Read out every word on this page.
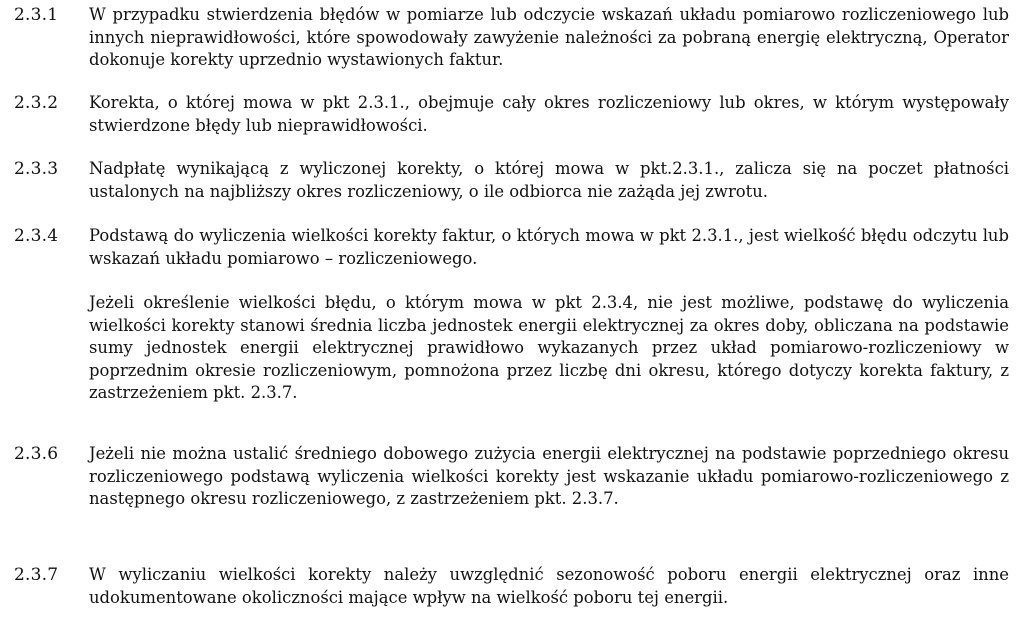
2.3.1	W przypadku stwierdzenia błędów w pomiarze lub odczycie wskazań układu pomiarowo rozliczeniowego lub innych nieprawidłowości, które spowodowały zawyżenie należności za pobraną energię elektryczną, Operator dokonuje korekty uprzednio wystawionych faktur.

2.3.2	Korekta, o której mowa w pkt 2.3.1., obejmuje cały okres rozliczeniowy lub okres, w którym występowały stwierdzone błędy lub nieprawidłowości.

2.3.3	Nadpłatę wynikającą z wyliczonej korekty, o której mowa w pkt.2.3.1., zalicza się na poczet płatności ustalonych na najbliższy okres rozliczeniowy, o ile odbiorca nie zażąda jej zwrotu.

2.3.4	Podstawą do wyliczenia wielkości korekty faktur, o których mowa w pkt 2.3.1., jest wielkość błędu odczytu lub wskazań układu pomiarowo – rozliczeniowego.

Jeżeli określenie wielkości błędu, o którym mowa w pkt 2.3.4, nie jest możliwe, podstawę do wyliczenia wielkości korekty stanowi średnia liczba jednostek energii elektrycznej za okres doby, obliczana na podstawie sumy jednostek energii elektrycznej prawidłowo wykazanych przez układ pomiarowo-rozliczeniowy w poprzednim okresie rozliczeniowym, pomnożona przez liczbę dni okresu, którego dotyczy korekta faktury, z zastrzeżeniem pkt. 2.3.7.

2.3.6	Jeżeli nie można ustalić średniego dobowego zużycia energii elektrycznej na podstawie poprzedniego okresu rozliczeniowego podstawą wyliczenia wielkości korekty jest wskazanie układu pomiarowo-rozliczeniowego z następnego okresu rozliczeniowego, z zastrzeżeniem pkt. 2.3.7.

2.3.7	W wyliczaniu wielkości korekty należy uwzględnić sezonowość poboru energii elektrycznej oraz inne udokumentowane okoliczności mające wpływ na wielkość poboru tej energii.
